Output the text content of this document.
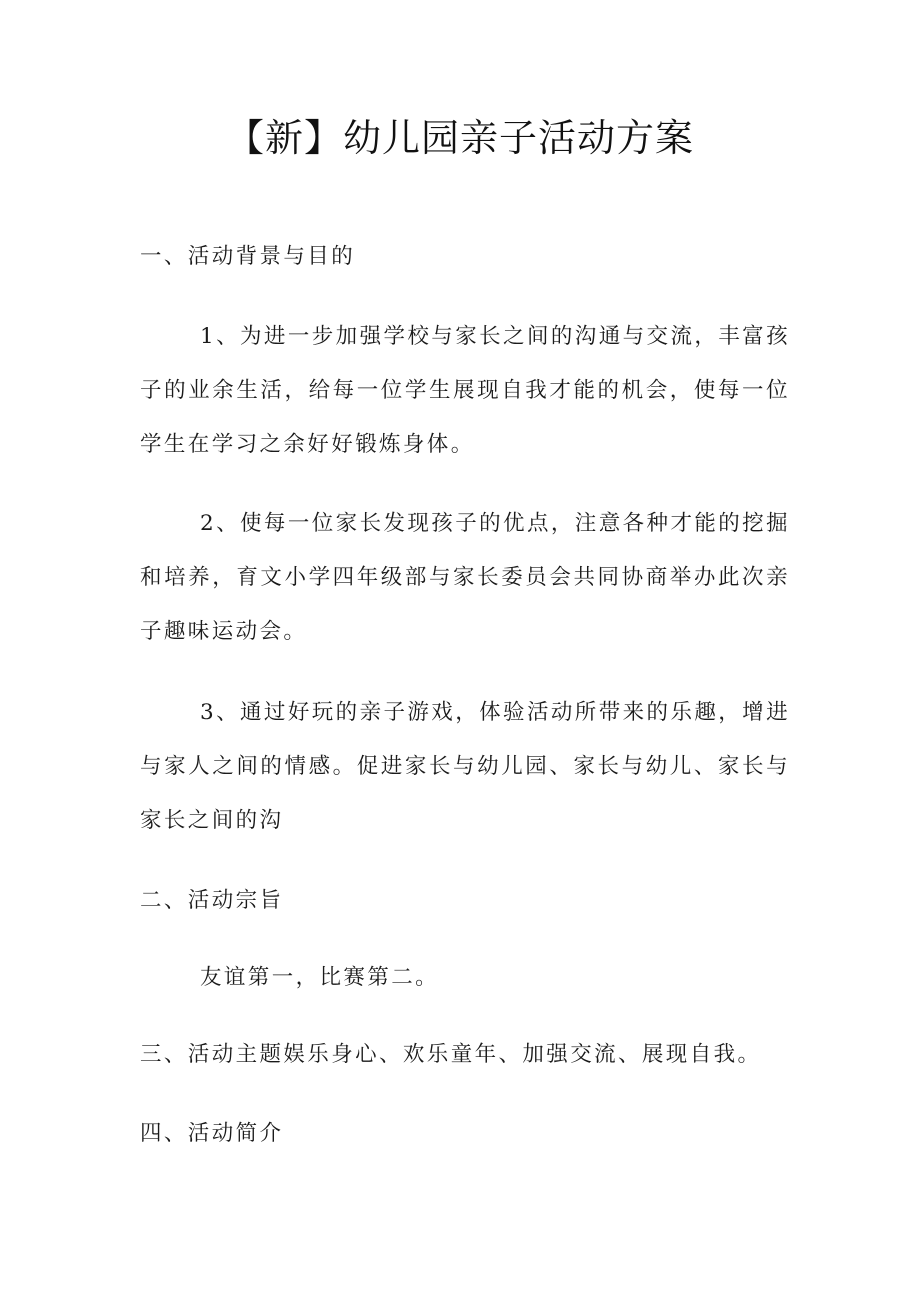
【新】幼儿园亲子活动方案
一、活动背景与目的
1、为进一步加强学校与家长之间的沟通与交流，丰富孩子的业余生活，给每一位学生展现自我才能的机会，使每一位学生在学习之余好好锻炼身体。
2、使每一位家长发现孩子的优点，注意各种才能的挖掘和培养，育文小学四年级部与家长委员会共同协商举办此次亲子趣味运动会。
3、通过好玩的亲子游戏，体验活动所带来的乐趣，增进与家人之间的情感。促进家长与幼儿园、家长与幼儿、家长与家长之间的沟
二、活动宗旨
友谊第一，比赛第二。
三、活动主题娱乐身心、欢乐童年、加强交流、展现自我。
四、活动简介
